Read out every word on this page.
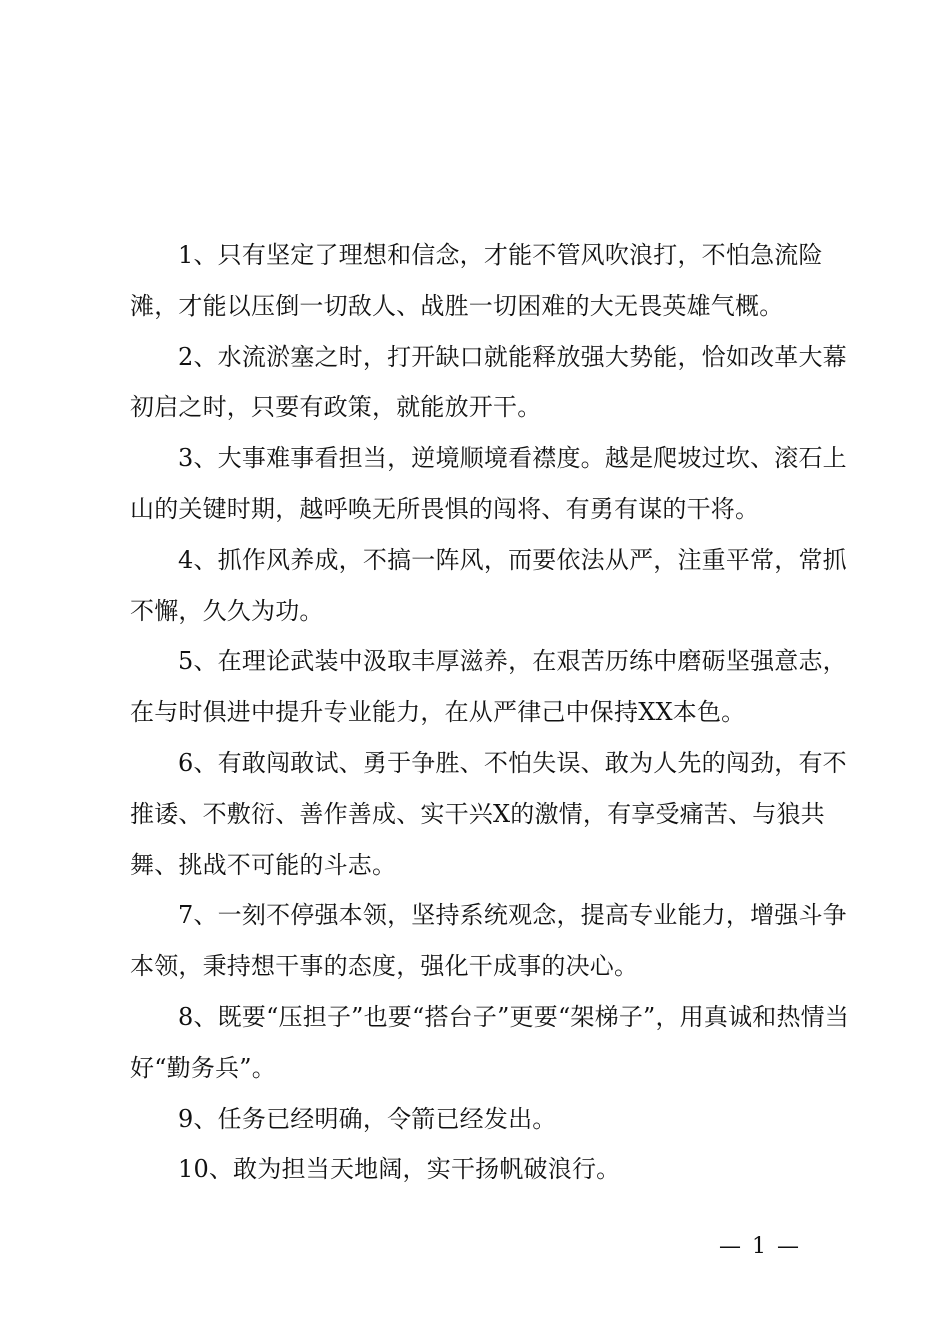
1、只有坚定了理想和信念，才能不管风吹浪打，不怕急流险滩，才能以压倒一切敌人、战胜一切困难的大无畏英雄气概。

2、水流淤塞之时，打开缺口就能释放强大势能，恰如改革大幕初启之时，只要有政策，就能放开干。

3、大事难事看担当，逆境顺境看襟度。越是爬坡过坎、滚石上山的关键时期，越呼唤无所畏惧的闯将、有勇有谋的干将。

4、抓作风养成，不搞一阵风，而要依法从严，注重平常，常抓不懈，久久为功。

5、在理论武装中汲取丰厚滋养，在艰苦历练中磨砺坚强意志，在与时俱进中提升专业能力，在从严律己中保持XX本色。

6、有敢闯敢试、勇于争胜、不怕失误、敢为人先的闯劲，有不推诿、不敷衍、善作善成、实干兴X的激情，有享受痛苦、与狼共舞、挑战不可能的斗志。

7、一刻不停强本领，坚持系统观念，提高专业能力，增强斗争本领，秉持想干事的态度，强化干成事的决心。

8、既要“压担子”也要“搭台子”更要“架梯子”，用真诚和热情当好“勤务兵”。

9、任务已经明确，令箭已经发出。

10、敢为担当天地阔，实干扬帆破浪行。

— 1 —
